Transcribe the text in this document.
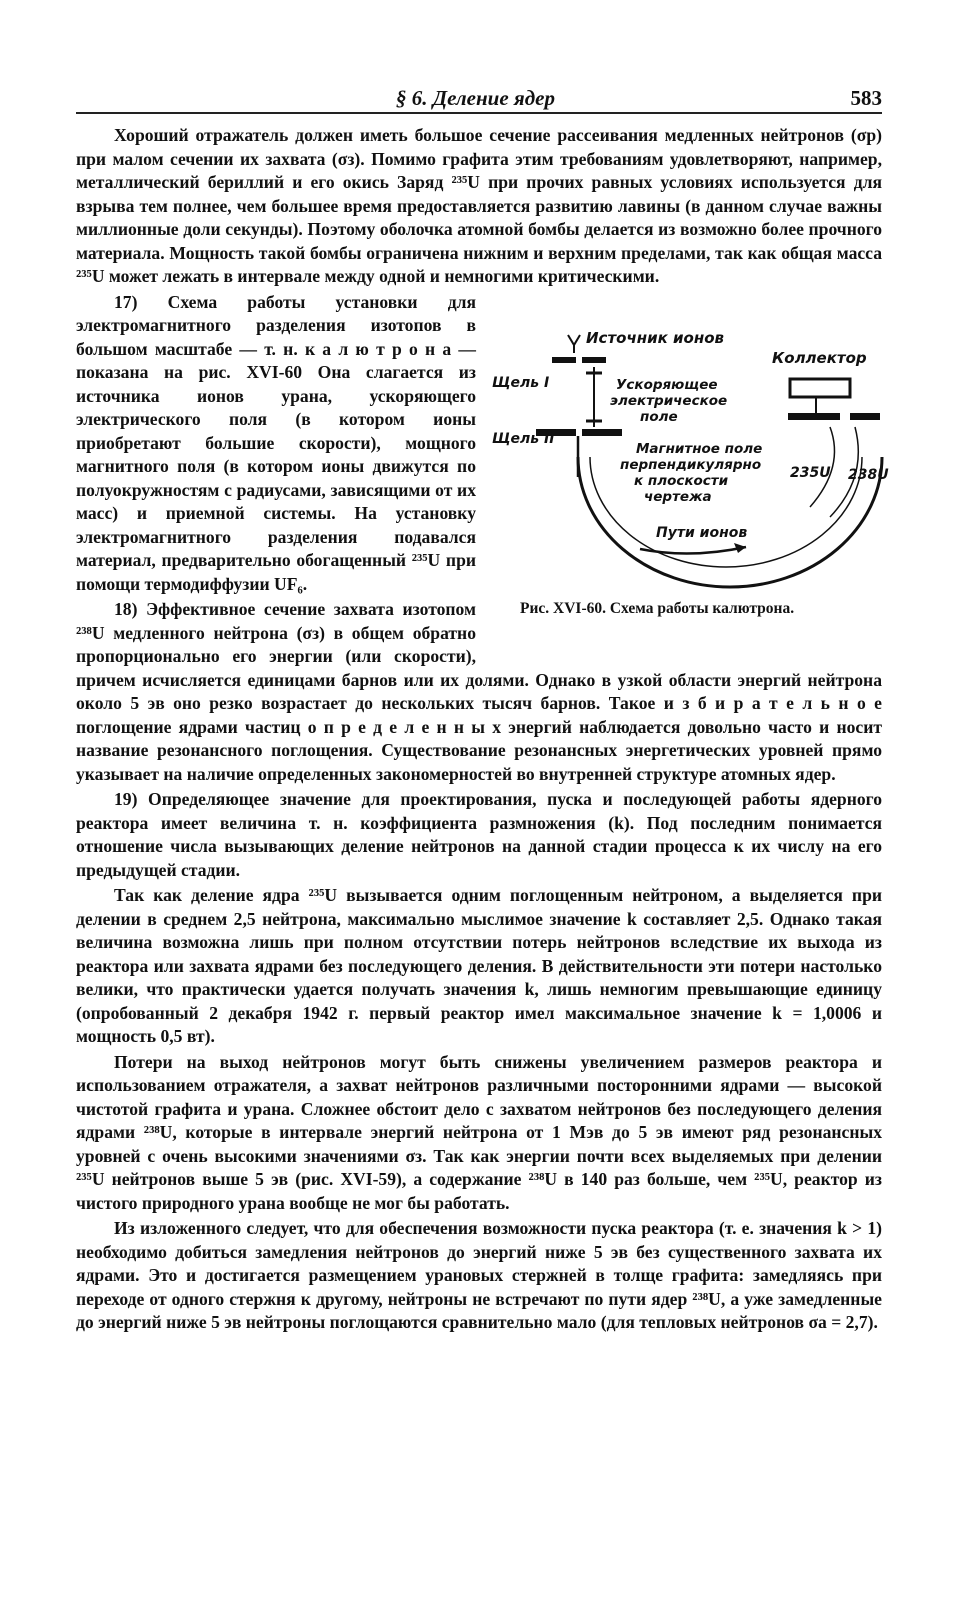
§ 6. Деление ядер	583

Хороший отражатель должен иметь большое сечение рассеивания медленных нейтронов (σр) при малом сечении их захвата (σз). Помимо графита этим требованиям удовлетворяют, например, металлический бериллий и его окись Заряд ²³⁵U при прочих равных условиях используется для взрыва тем полнее, чем большее время предоставляется развитию лавины (в данном случае важны миллионные доли секунды). Поэтому оболочка атомной бомбы делается из возможно более прочного материала. Мощность такой бомбы ограничена нижним и верхним пределами, так как общая масса ²³⁵U может лежать в интервале между одной и немногими критическими.

Источник ионов
Щель I	Ускоряющее
электрическое
поле
Щель II
Коллектор
235U 238U
Магнитное поле
перпендикулярно
к плоскости
чертежа
Пути ионов
Рис. XVI-60. Схема работы калютрона.

17) Схема работы установки для электромагнитного разделения изотопов в большом масштабе — т. н. к а л ю т р о н а — показана на рис. XVI-60 Она слагается из источника ионов урана, ускоряющего электрического поля (в котором ионы приобретают большие скорости), мощного магнитного поля (в котором ионы движутся по полуокружностям с радиусами, зависящими от их масс) и приемной системы. На установку электромагнитного разделения подавался материал, предварительно обогащенный ²³⁵U при помощи термодиффузии UF₆.

18) Эффективное сечение захвата изотопом ²³⁸U медленного нейтрона (σз) в общем обратно пропорционально его энергии (или скорости), причем исчисляется единицами барнов или их долями. Однако в узкой области энергий нейтрона около 5 эв оно резко возрастает до нескольких тысяч барнов. Такое и з б и р а т е л ь н о е поглощение ядрами частиц о п р е д е л е н н ы х энергий наблюдается довольно часто и носит название резонансного поглощения. Существование резонансных энергетических уровней прямо указывает на наличие определенных закономерностей во внутренней структуре атомных ядер.

19) Определяющее значение для проектирования, пуска и последующей работы ядерного реактора имеет величина т. н. коэффициента размножения (k). Под последним понимается отношение числа вызывающих деление нейтронов на данной стадии процесса к их числу на его предыдущей стадии.

Так как деление ядра ²³⁵U вызывается одним поглощенным нейтроном, а выделяется при делении в среднем 2,5 нейтрона, максимально мыслимое значение k составляет 2,5. Однако такая величина возможна лишь при полном отсутствии потерь нейтронов вследствие их выхода из реактора или захвата ядрами без последующего деления. В действительности эти потери настолько велики, что практически удается получать значения k, лишь немногим превышающие единицу (опробованный 2 декабря 1942 г. первый реактор имел максимальное значение k = 1,0006 и мощность 0,5 вт).

Потери на выход нейтронов могут быть снижены увеличением размеров реактора и использованием отражателя, а захват нейтронов различными посторонними ядрами — высокой чистотой графита и урана. Сложнее обстоит дело с захватом нейтронов без последующего деления ядрами ²³⁸U, которые в интервале энергий нейтрона от 1 Мэв до 5 эв имеют ряд резонансных уровней с очень высокими значениями σз. Так как энергии почти всех выделяемых при делении ²³⁵U нейтронов выше 5 эв (рис. XVI-59), а содержание ²³⁸U в 140 раз больше, чем ²³⁵U, реактор из чистого природного урана вообще не мог бы работать.

Из изложенного следует, что для обеспечения возможности пуска реактора (т. е. значения k > 1) необходимо добиться замедления нейтронов до энергий ниже 5 эв без существенного захвата их ядрами. Это и достигается размещением урановых стержней в толще графита: замедляясь при переходе от одного стержня к другому, нейтроны не встречают по пути ядер ²³⁸U, а уже замедленные до энергий ниже 5 эв нейтроны поглощаются сравнительно мало (для тепловых нейтронов σа = 2,7).
